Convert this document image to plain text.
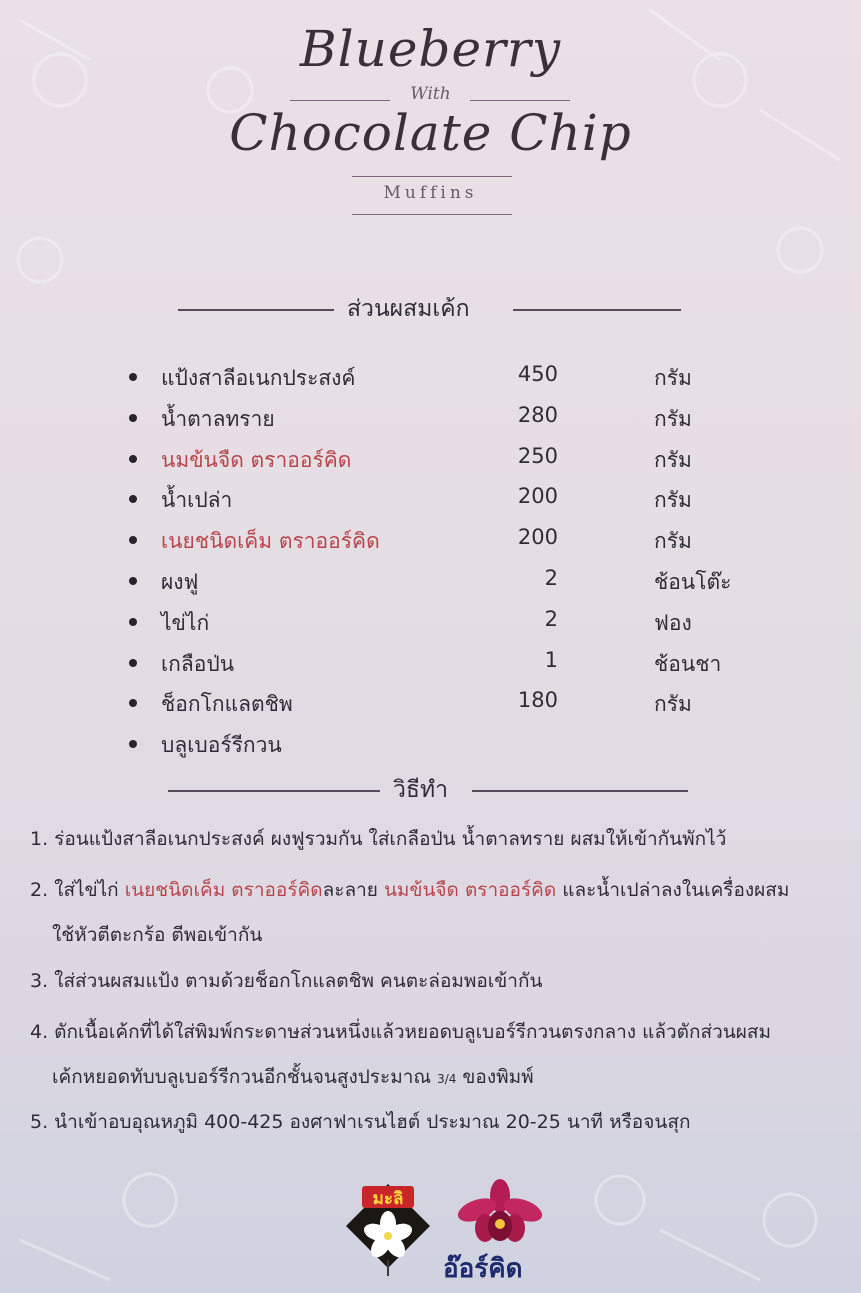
Blueberry
With
Chocolate Chip
Muffins
ส่วนผสมเค้ก
แป้งสาลีอเนกประสงค์	450	กรัม
น้ำตาลทราย	280	กรัม
นมข้นจืด ตราออร์คิด	250	กรัม
น้ำเปล่า	200	กรัม
เนยชนิดเค็ม ตราออร์คิด	200	กรัม
ผงฟู	2	ช้อนโต๊ะ
ไข่ไก่	2	ฟอง
เกลือป่น	1	ช้อนชา
ช็อกโกแลตชิพ	180	กรัม
บลูเบอร์รีกวน
วิธีทำ
1. ร่อนแป้งสาลีอเนกประสงค์ ผงฟูรวมกัน ใส่เกลือป่น น้ำตาลทราย ผสมให้เข้ากันพักไว้
2. ใส่ไข่ไก่ เนยชนิดเค็ม ตราออร์คิดละลาย นมข้นจืด ตราออร์คิด และน้ำเปล่าลงในเครื่องผสม
ใช้หัวตีตะกร้อ ตีพอเข้ากัน
3. ใส่ส่วนผสมแป้ง ตามด้วยช็อกโกแลตชิพ คนตะล่อมพอเข้ากัน
4. ตักเนื้อเค้กที่ได้ใส่พิมพ์กระดาษส่วนหนึ่งแล้วหยอดบลูเบอร์รีกวนตรงกลาง แล้วตักส่วนผสม
เค้กหยอดทับบลูเบอร์รีกวนอีกชั้นจนสูงประมาณ 3/4 ของพิมพ์
5. นำเข้าอบอุณหภูมิ 400-425 องศาฟาเรนไฮต์ ประมาณ 20-25 นาที หรือจนสุก
มะลิ
อ๊อร์คิด
